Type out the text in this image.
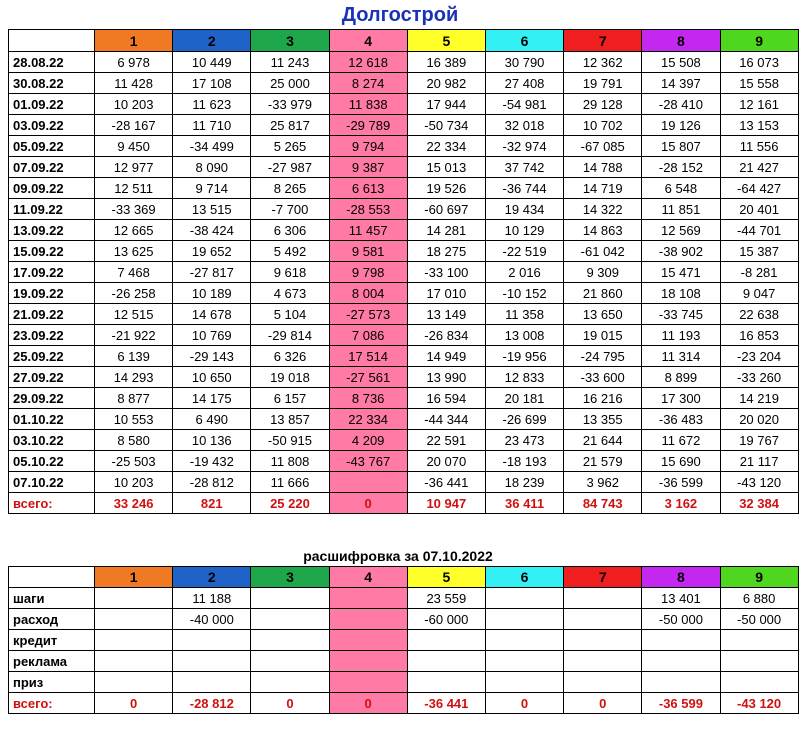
Долгострой
	1	2	3	4	5	6	7	8	9
28.08.22	6 978	10 449	11 243	12 618	16 389	30 790	12 362	15 508	16 073
30.08.22	11 428	17 108	25 000	8 274	20 982	27 408	19 791	14 397	15 558
01.09.22	10 203	11 623	-33 979	11 838	17 944	-54 981	29 128	-28 410	12 161
03.09.22	-28 167	11 710	25 817	-29 789	-50 734	32 018	10 702	19 126	13 153
05.09.22	9 450	-34 499	5 265	9 794	22 334	-32 974	-67 085	15 807	11 556
07.09.22	12 977	8 090	-27 987	9 387	15 013	37 742	14 788	-28 152	21 427
09.09.22	12 511	9 714	8 265	6 613	19 526	-36 744	14 719	6 548	-64 427
11.09.22	-33 369	13 515	-7 700	-28 553	-60 697	19 434	14 322	11 851	20 401
13.09.22	12 665	-38 424	6 306	11 457	14 281	10 129	14 863	12 569	-44 701
15.09.22	13 625	19 652	5 492	9 581	18 275	-22 519	-61 042	-38 902	15 387
17.09.22	7 468	-27 817	9 618	9 798	-33 100	2 016	9 309	15 471	-8 281
19.09.22	-26 258	10 189	4 673	8 004	17 010	-10 152	21 860	18 108	9 047
21.09.22	12 515	14 678	5 104	-27 573	13 149	11 358	13 650	-33 745	22 638
23.09.22	-21 922	10 769	-29 814	7 086	-26 834	13 008	19 015	11 193	16 853
25.09.22	6 139	-29 143	6 326	17 514	14 949	-19 956	-24 795	11 314	-23 204
27.09.22	14 293	10 650	19 018	-27 561	13 990	12 833	-33 600	8 899	-33 260
29.09.22	8 877	14 175	6 157	8 736	16 594	20 181	16 216	17 300	14 219
01.10.22	10 553	6 490	13 857	22 334	-44 344	-26 699	13 355	-36 483	20 020
03.10.22	8 580	10 136	-50 915	4 209	22 591	23 473	21 644	11 672	19 767
05.10.22	-25 503	-19 432	11 808	-43 767	20 070	-18 193	21 579	15 690	21 117
07.10.22	10 203	-28 812	11 666		-36 441	18 239	3 962	-36 599	-43 120
всего:	33 246	821	25 220	0	10 947	36 411	84 743	3 162	32 384
расшифровка за 07.10.2022
	1	2	3	4	5	6	7	8	9
шаги		11 188			23 559			13 401	6 880
расход		-40 000			-60 000			-50 000	-50 000
кредит									
реклама									
приз									
всего:	0	-28 812	0	0	-36 441	0	0	-36 599	-43 120
